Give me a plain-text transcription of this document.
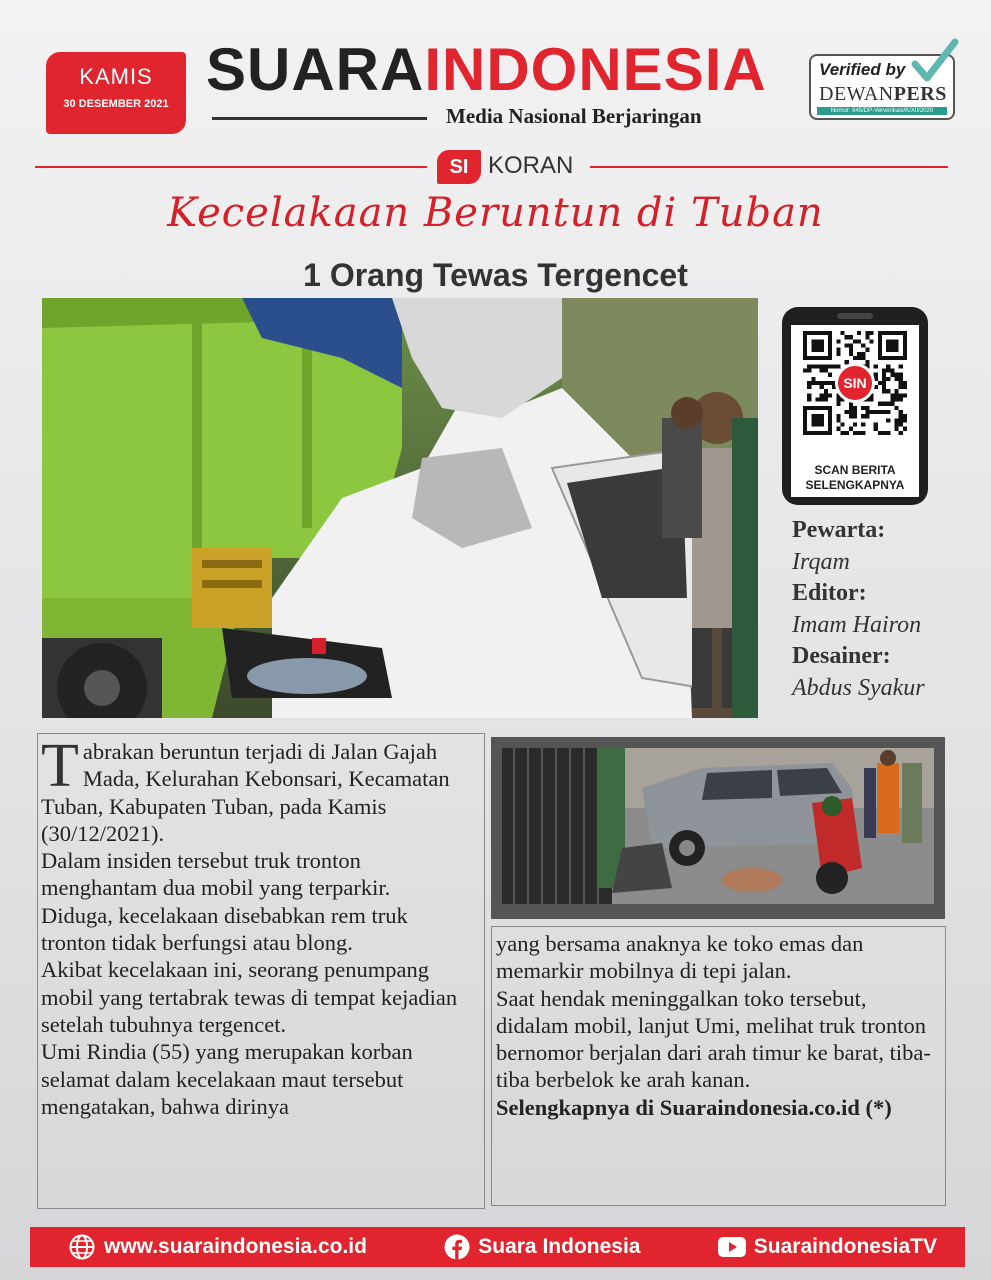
KAMIS
30 DESEMBER 2021
SUARAINDONESIA
Media Nasional Berjaringan
Verified by
DEWANPERS
Nomor: 645/DP-Ververikasi/K/XII/2020
SI KORAN
Kecelakaan Beruntun di Tuban
1 Orang Tewas Tergencet
SIN
SCAN BERITA
SELENGKAPNYA
Pewarta:
Irqam
Editor:
Imam Hairon
Desainer:
Abdus Syakur

Tabrakan beruntun terjadi di Jalan Gajah Mada, Kelurahan Kebonsari, Kecamatan Tuban, Kabupaten Tuban, pada Kamis (30/12/2021).

Dalam insiden tersebut truk tronton menghantam dua mobil yang terparkir.

Diduga, kecelakaan disebabkan rem truk tronton tidak berfungsi atau blong.

Akibat kecelakaan ini, seorang penumpang mobil yang tertabrak tewas di tempat kejadian setelah tubuhnya tergencet.

Umi Rindia (55) yang merupakan korban selamat dalam kecelakaan maut tersebut mengatakan, bahwa dirinya

yang bersama anaknya ke toko emas dan memarkir mobilnya di tepi jalan.

Saat hendak meninggalkan toko tersebut, didalam mobil, lanjut Umi, melihat truk tronton bernomor berjalan dari arah timur ke barat, tiba-tiba berbelok ke arah kanan.

Selengkapnya di Suaraindonesia.co.id (*)

www.suaraindonesia.co.id	Suara Indonesia	SuaraindonesiaTV
